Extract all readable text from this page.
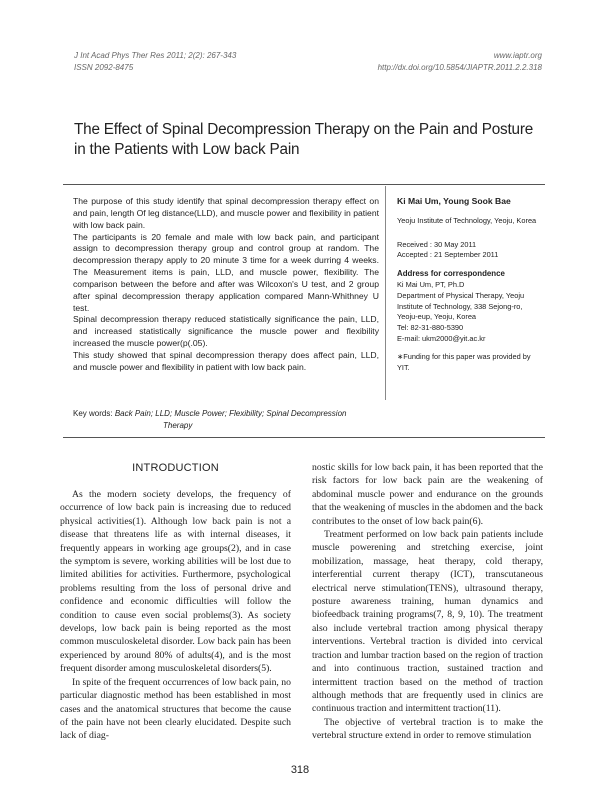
J Int Acad Phys Ther Res 2011; 2(2): 267-343
ISSN 2092-8475
www.iaptr.org
http://dx.doi.org/10.5854/JIAPTR.2011.2.2.318
The Effect of Spinal Decompression Therapy on the Pain and Posture
in the Patients with Low back Pain

The purpose of this study identify that spinal decompression therapy effect on and pain, length Of leg distance(LLD), and muscle power and flexibility in patient with low back pain.

The participants is 20 female and male with low back pain, and participant assign to decompression therapy group and control group at random. The decompression therapy apply to 20 minute 3 time for a week durring 4 weeks. The Measurement items is pain, LLD, and muscle power, flexibility. The comparison between the before and after was Wilcoxon's U test, and 2 group after spinal decompression therapy application compared Mann-Whithney U test.

Spinal decompression therapy reduced statistically significance the pain, LLD, and increased statistically significance the muscle power and flexibility increased the muscle power(p(.05).

This study showed that spinal decompression therapy does affect pain, LLD, and muscle power and flexibility in patient with low back pain.

Key words: Back Pain; LLD; Muscle Power; Flexibility; Spinal Decompression
Therapy
Ki Mai Um, Young Sook Bae
Yeoju Institute of Technology, Yeoju, Korea
Received : 30 May 2011
Accepted : 21 September 2011
Address for correspondence
Ki Mai Um, PT, Ph.D
Department of Physical Therapy, Yeoju Institute of Technology, 338 Sejong-ro, Yeoju-eup, Yeoju, Korea
Tel: 82-31-880-5390
E-mail: ukm2000@yit.ac.kr
∗Funding for this paper was provided by YIT.
INTRODUCTION

As the modern society develops, the frequency of occurrence of low back pain is increasing due to reduced physical activities(1). Although low back pain is not a disease that threatens life as with internal diseases, it frequently appears in working age groups(2), and in case the symptom is severe, working abilities will be lost due to limited abilities for activities. Furthermore, psychological problems resulting from the loss of personal drive and confidence and economic difficulties will follow the condition to cause even social problems(3). As society develops, low back pain is being reported as the most common musculoskeletal disorder. Low back pain has been experienced by around 80% of adults(4), and is the most frequent disorder among musculoskeletal disorders(5).

In spite of the frequent occurrences of low back pain, no particular diagnostic method has been established in most cases and the anatomical structures that become the cause of the pain have not been clearly elucidated. Despite such lack of diag-

nostic skills for low back pain, it has been reported that the risk factors for low back pain are the weakening of abdominal muscle power and endurance on the grounds that the weakening of muscles in the abdomen and the back contributes to the onset of low back pain(6).

Treatment performed on low back pain patients include muscle powerening and stretching exercise, joint mobilization, massage, heat therapy, cold therapy, interferential current therapy (ICT), transcutaneous electrical nerve stimulation(TENS), ultrasound therapy, posture awareness training, human dynamics and biofeedback training programs(7, 8, 9, 10). The treatment also include vertebral traction among physical therapy interventions. Vertebral traction is divided into cervical traction and lumbar traction based on the region of traction and into continuous traction, sustained traction and intermittent traction based on the method of traction although methods that are frequently used in clinics are continuous traction and intermittent traction(11).

The objective of vertebral traction is to make the vertebral structure extend in order to remove stimulation

318
